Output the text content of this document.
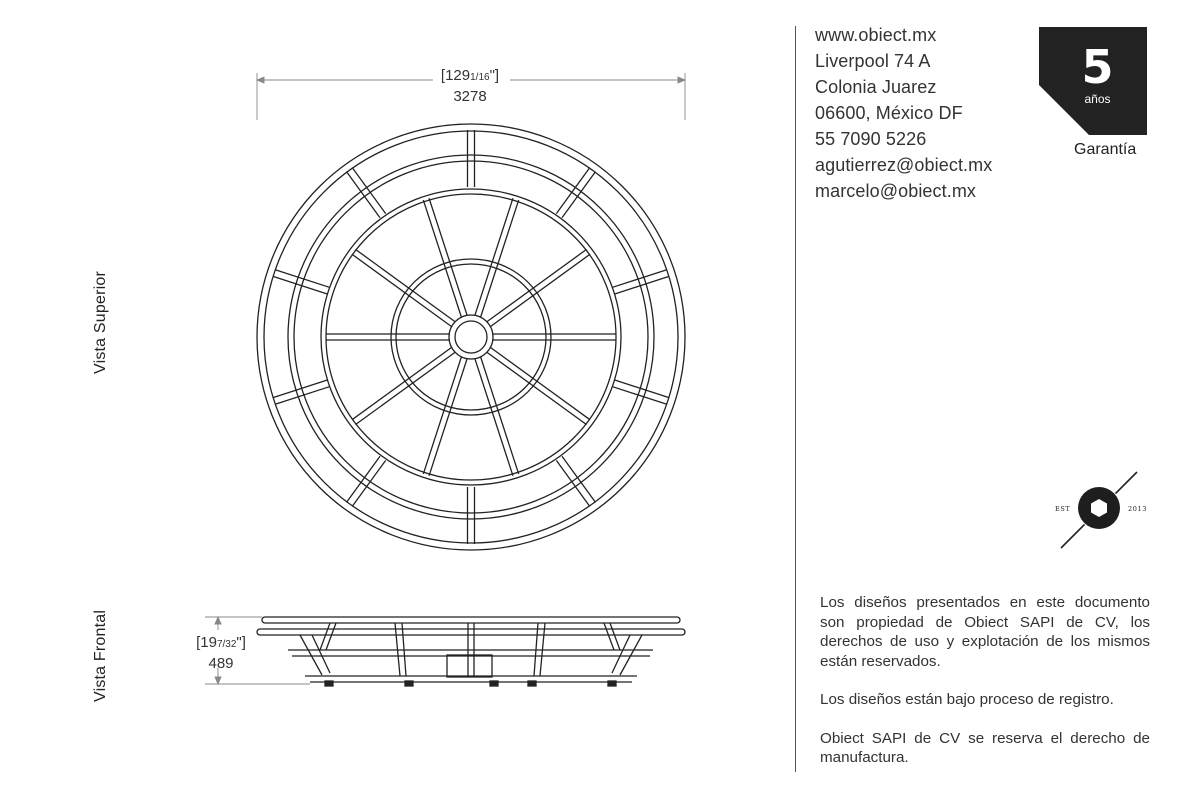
Vista Superior
Vista Frontal
[1291/16"]
3278
[197/32"]
489
www.obiect.mx
Liverpool 74 A
Colonia Juarez
06600, México DF
55 7090 5226
agutierrez@obiect.mx
marcelo@obiect.mx
5
años
Garantía
EST	2013

Los diseños presentados en este documento son propiedad de Obiect SAPI de CV, los derechos de uso y explotación de los mismos están reservados.

Los diseños están bajo proceso de registro.

Obiect SAPI de CV se reserva el derecho de manufactura.
